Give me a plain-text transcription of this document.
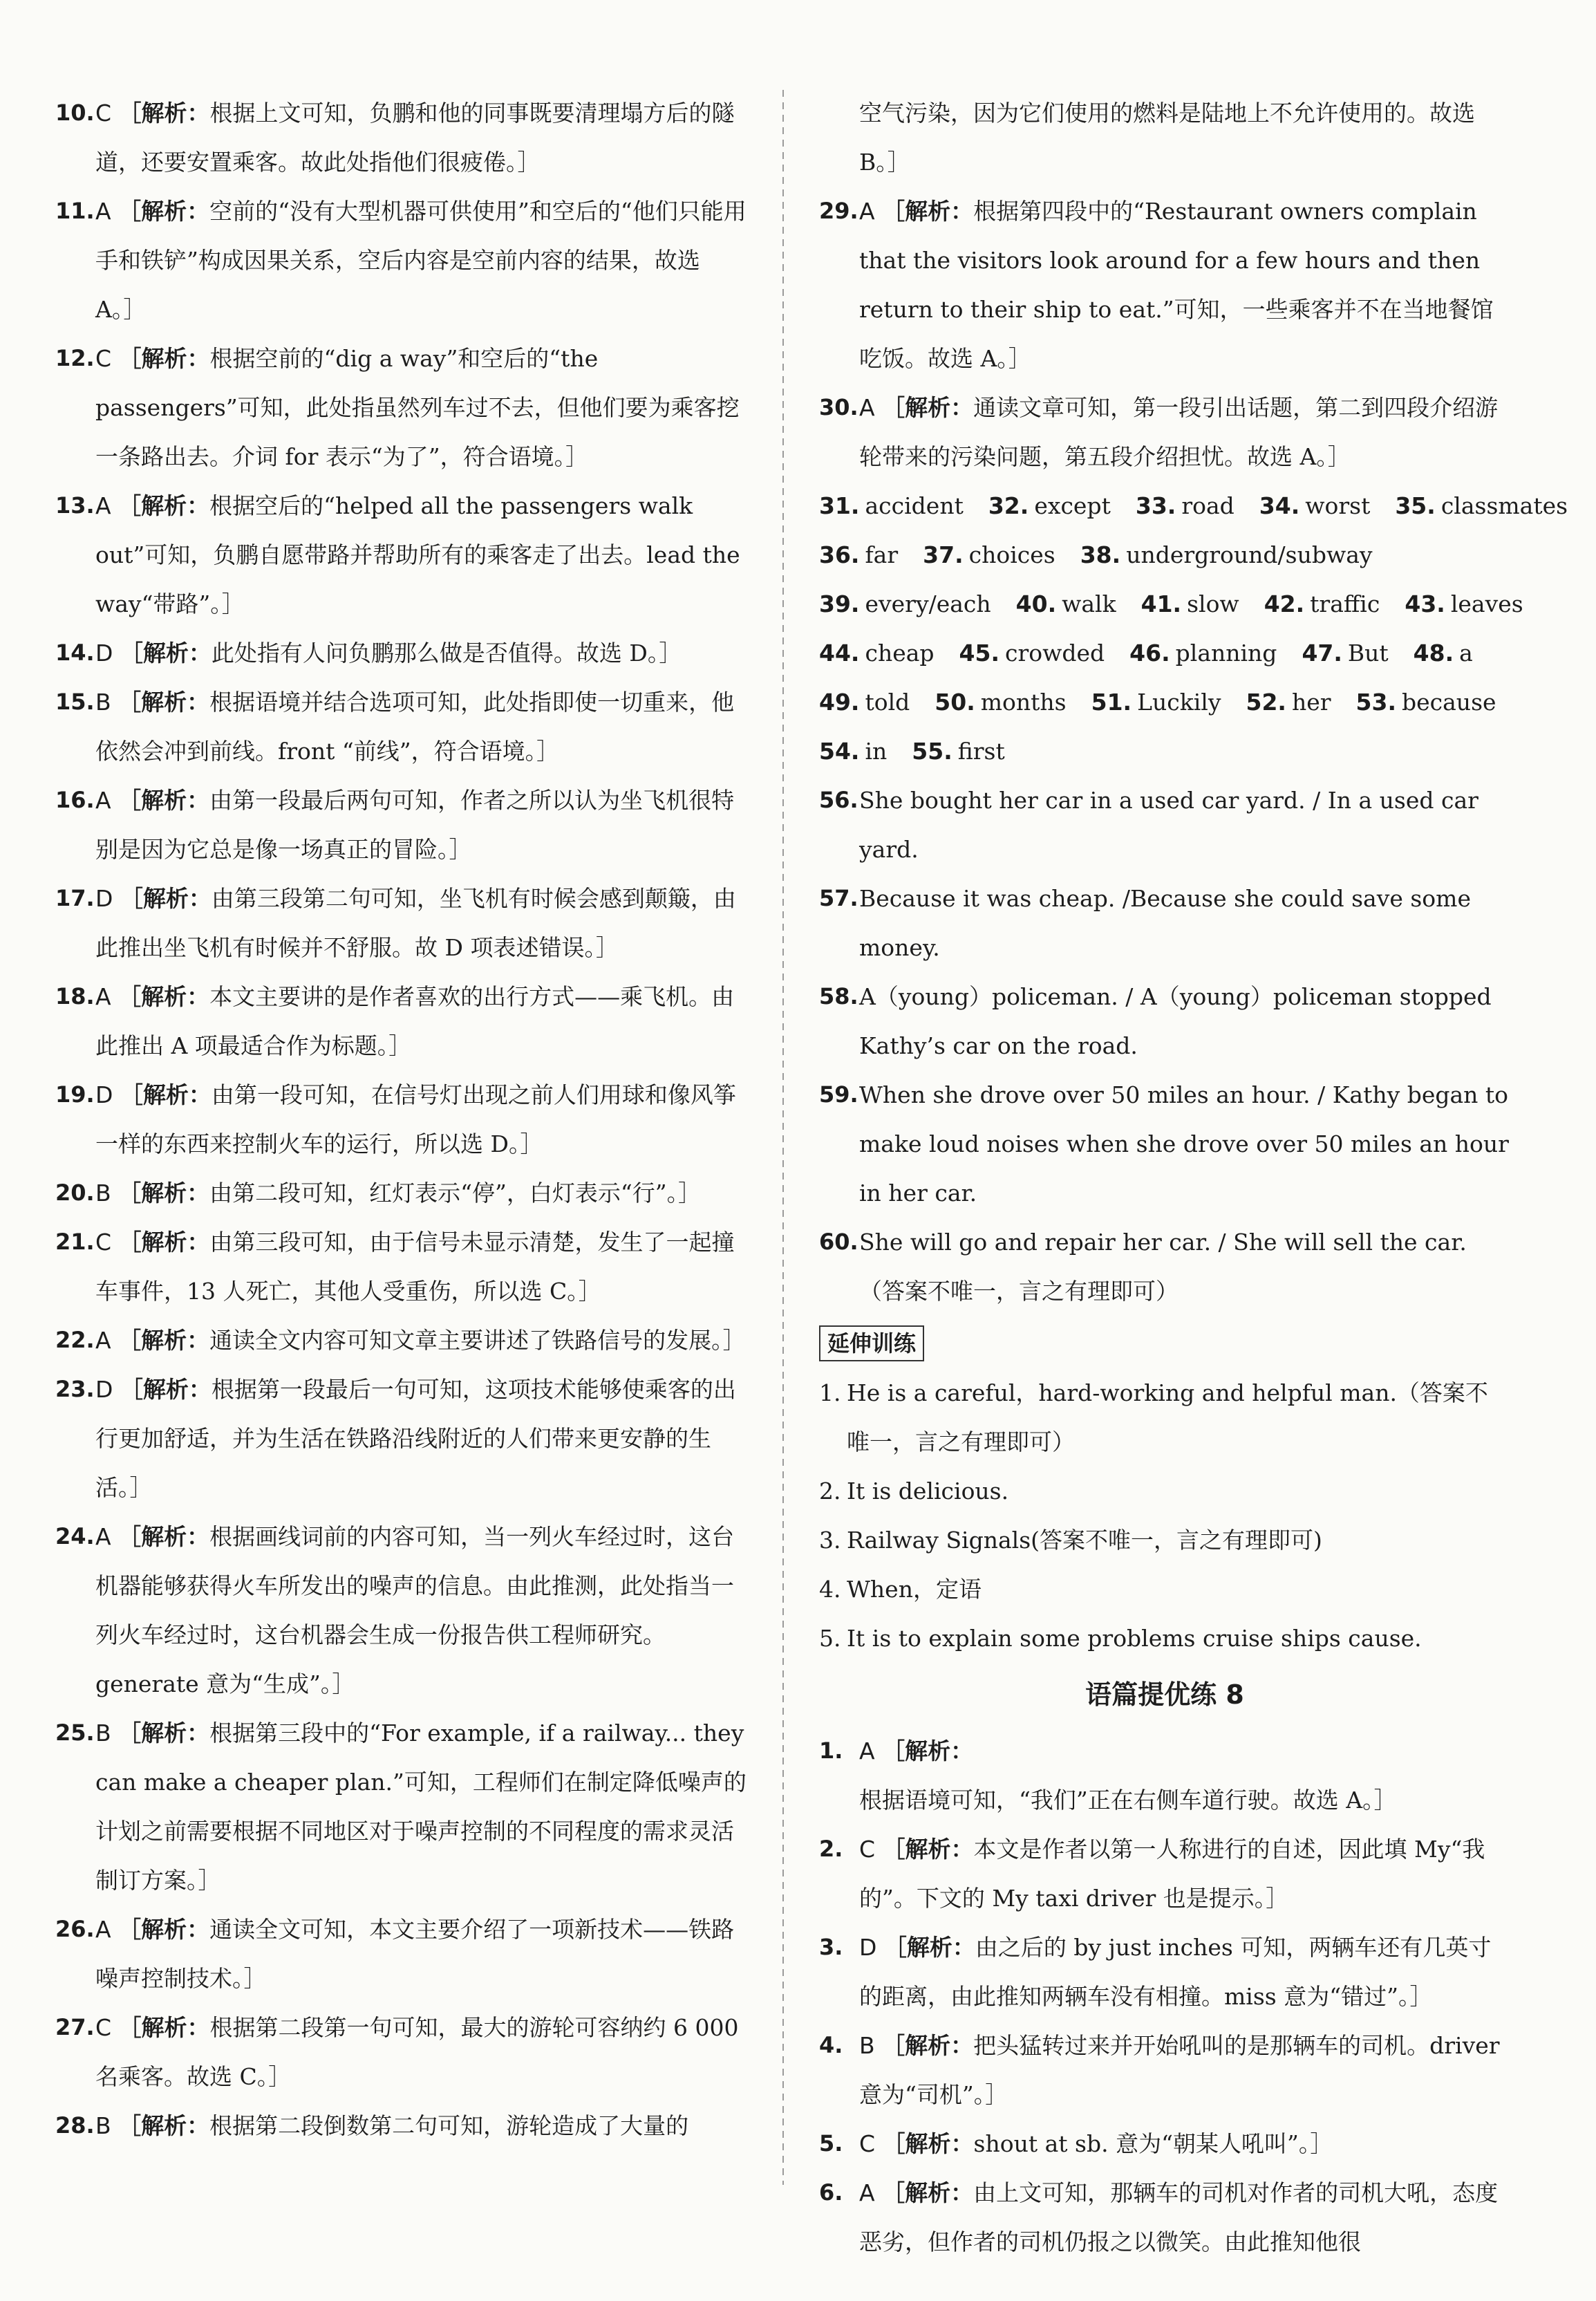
10. C ［解析：根据上文可知，负鹏和他的同事既要清理塌方后的隧道，还要安置乘客。故此处指他们很疲倦。］
11. A ［解析：空前的“没有大型机器可供使用”和空后的“他们只能用手和铁铲”构成因果关系，空后内容是空前内容的结果，故选 A。］
12. C ［解析：根据空前的“dig a way”和空后的“the passengers”可知，此处指虽然列车过不去，但他们要为乘客挖一条路出去。介词 for 表示“为了”，符合语境。］
13. A ［解析：根据空后的“helped all the passengers walk out”可知，负鹏自愿带路并帮助所有的乘客走了出去。lead the way“带路”。］
14. D ［解析：此处指有人问负鹏那么做是否值得。故选 D。］
15. B ［解析：根据语境并结合选项可知，此处指即使一切重来，他依然会冲到前线。front “前线”，符合语境。］
16. A ［解析：由第一段最后两句可知，作者之所以认为坐飞机很特别是因为它总是像一场真正的冒险。］
17. D ［解析：由第三段第二句可知，坐飞机有时候会感到颠簸，由此推出坐飞机有时候并不舒服。故 D 项表述错误。］
18. A ［解析：本文主要讲的是作者喜欢的出行方式——乘飞机。由此推出 A 项最适合作为标题。］
19. D ［解析：由第一段可知，在信号灯出现之前人们用球和像风筝一样的东西来控制火车的运行，所以选 D。］
20. B ［解析：由第二段可知，红灯表示“停”，白灯表示“行”。］
21. C ［解析：由第三段可知，由于信号未显示清楚，发生了一起撞车事件，13 人死亡，其他人受重伤，所以选 C。］
22. A ［解析：通读全文内容可知文章主要讲述了铁路信号的发展。］
23. D ［解析：根据第一段最后一句可知，这项技术能够使乘客的出行更加舒适，并为生活在铁路沿线附近的人们带来更安静的生活。］
24. A ［解析：根据画线词前的内容可知，当一列火车经过时，这台机器能够获得火车所发出的噪声的信息。由此推测，此处指当一列火车经过时，这台机器会生成一份报告供工程师研究。generate 意为“生成”。］
25. B ［解析：根据第三段中的“For example, if a railway... they can make a cheaper plan.”可知，工程师们在制定降低噪声的计划之前需要根据不同地区对于噪声控制的不同程度的需求灵活制订方案。］
26. A ［解析：通读全文可知，本文主要介绍了一项新技术——铁路噪声控制技术。］
27. C ［解析：根据第二段第一句可知，最大的游轮可容纳约 6 000 名乘客。故选 C。］
28. B ［解析：根据第二段倒数第二句可知，游轮造成了大量的
空气污染，因为它们使用的燃料是陆地上不允许使用的。故选 B。］
29. A ［解析：根据第四段中的“Restaurant owners complain that the visitors look around for a few hours and then return to their ship to eat.”可知，一些乘客并不在当地餐馆吃饭。故选 A。］
30. A ［解析：通读文章可知，第一段引出话题，第二到四段介绍游轮带来的污染问题，第五段介绍担忧。故选 A。］
31. accident 32. except 33. road 34. worst 35. classmates
36. far 37. choices 38. underground/subway
39. every/each 40. walk 41. slow 42. traffic 43. leaves
44. cheap 45. crowded 46. planning 47. But 48. a
49. told 50. months 51. Luckily 52. her 53. because
54. in 55. first
56. She bought her car in a used car yard. / In a used car yard.
57. Because it was cheap. /Because she could save some money.
58. A（young）policeman. / A（young）policeman stopped Kathy’s car on the road.
59. When she drove over 50 miles an hour. / Kathy began to make loud noises when she drove over 50 miles an hour in her car.
60. She will go and repair her car. / She will sell the car.（答案不唯一，言之有理即可）
延伸训练
1. He is a careful，hard-working and helpful man.（答案不唯一，言之有理即可）
2. It is delicious.
3. Railway Signals(答案不唯一，言之有理即可)
4. When，定语
5. It is to explain some problems cruise ships cause.
语篇提优练 8
1. A ［解析：根据语境可知，“我们”正在右侧车道行驶。故选 A。］
2. C ［解析：本文是作者以第一人称进行的自述，因此填 My“我的”。下文的 My taxi driver 也是提示。］
3. D ［解析：由之后的 by just inches 可知，两辆车还有几英寸的距离，由此推知两辆车没有相撞。miss 意为“错过”。］
4. B ［解析：把头猛转过来并开始吼叫的是那辆车的司机。driver 意为“司机”。］
5. C ［解析：shout at sb. 意为“朝某人吼叫”。］
6. A ［解析：由上文可知，那辆车的司机对作者的司机大吼，态度恶劣，但作者的司机仍报之以微笑。由此推知他很
